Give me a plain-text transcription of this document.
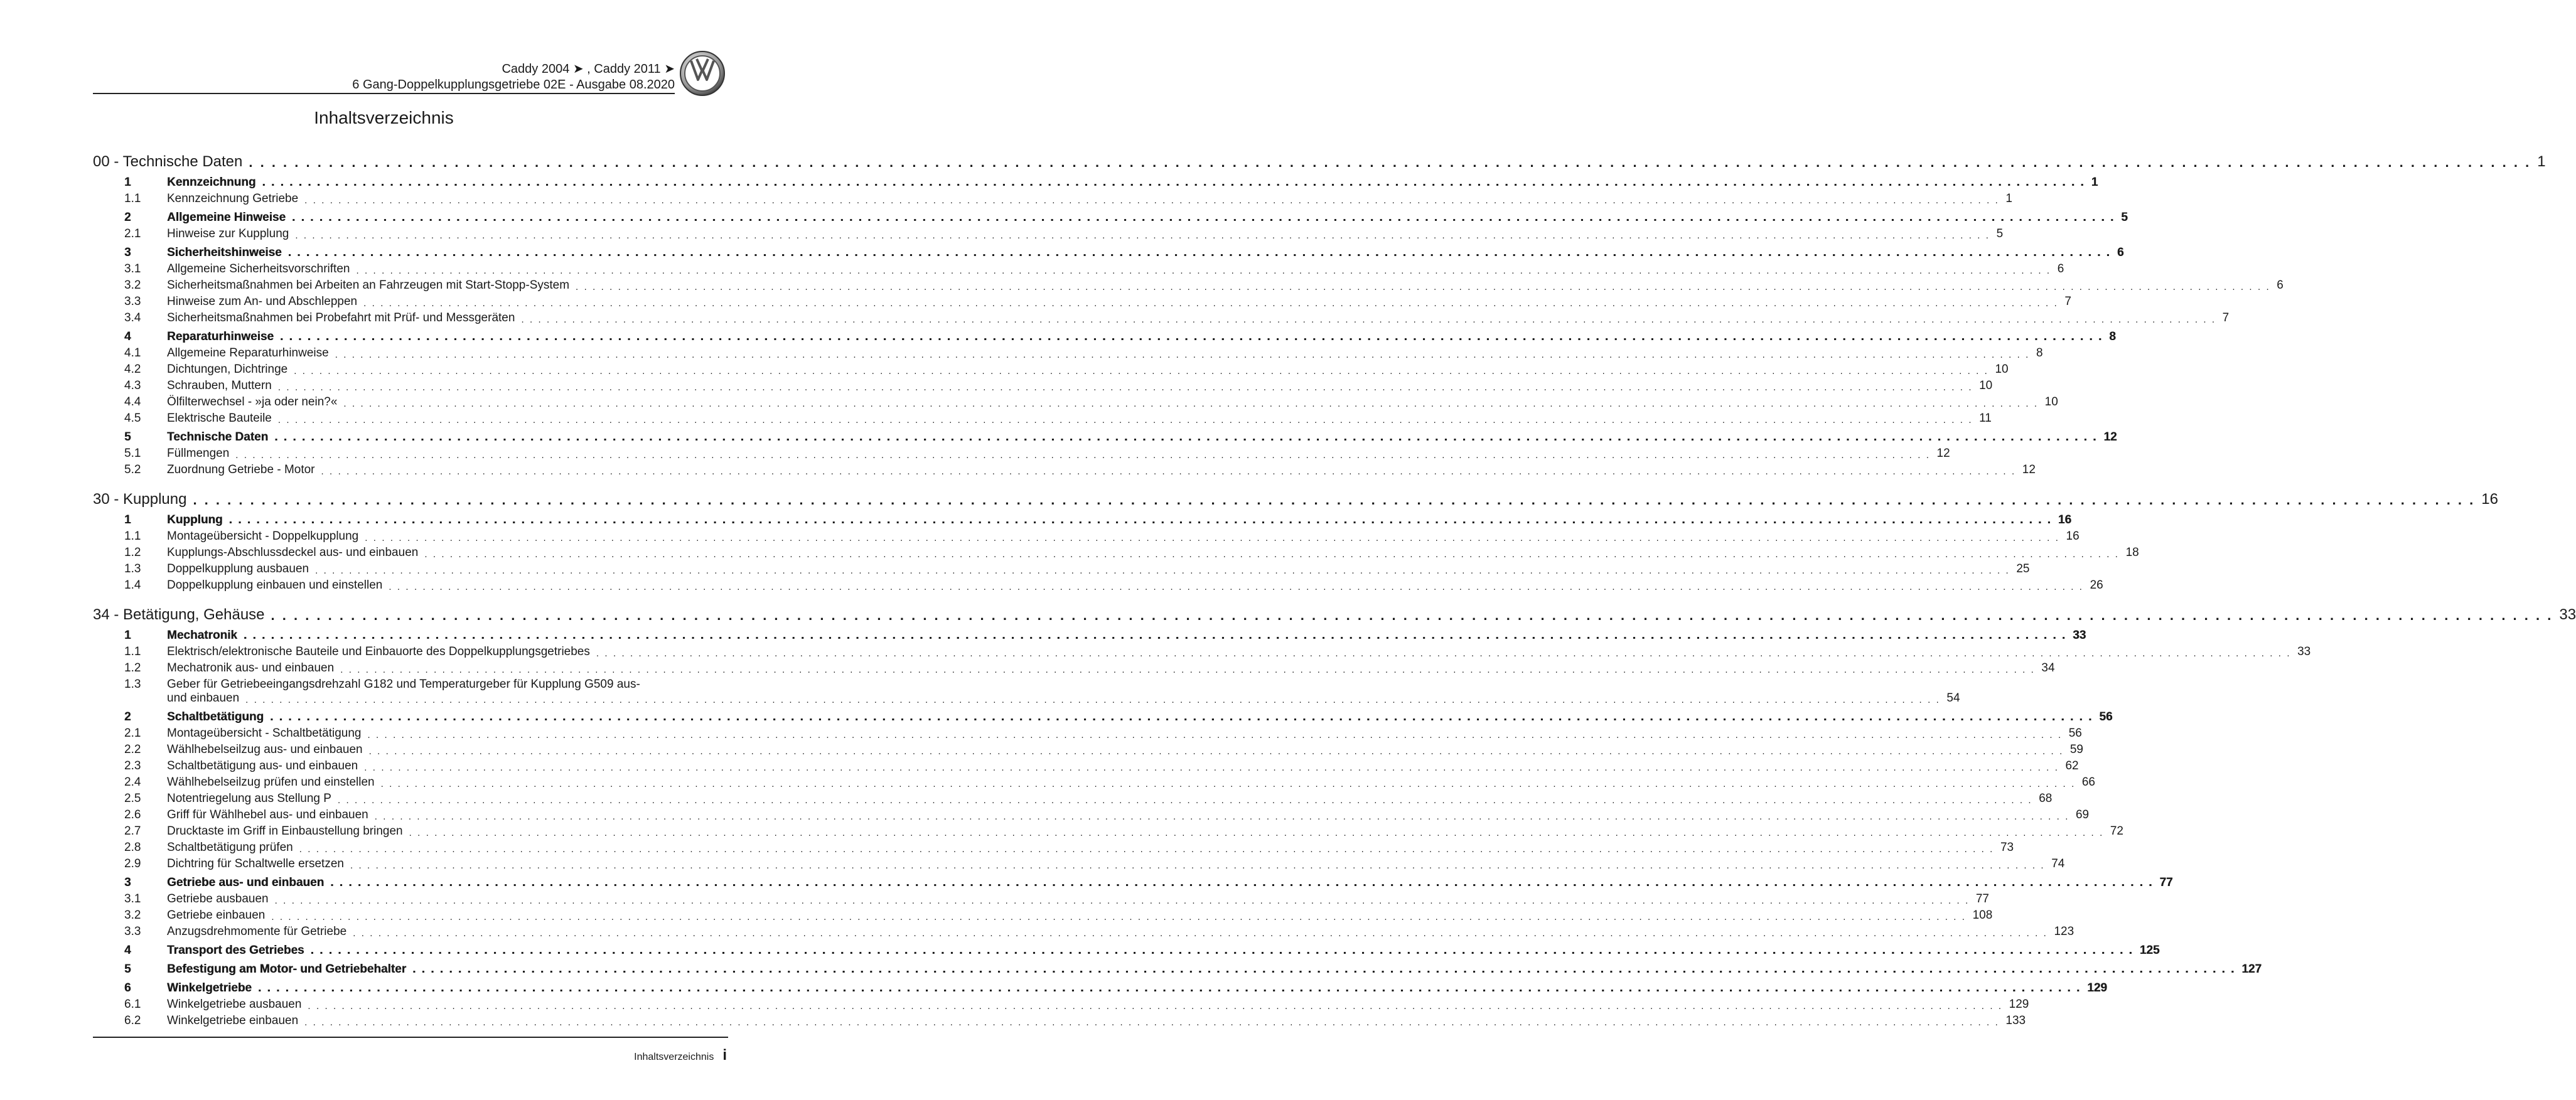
Caddy 2004 ➤ , Caddy 2011 ➤
6 Gang-Doppelkupplungsgetriebe 02E - Ausgabe 08.2020
Inhaltsverzeichnis
00 - Technische Daten . . . . . . . . . . . . . . . . . . . . . . . . . . . . . . . . . . . . . . . . . . . . . . . . . . . . . . . . . . . . . . . . . . . . . . . . . . . . . . . . . . . . . . . . . . . . . . . . . . . . . . . . . . . . . . . . . . . . . . . . . . . . . . . . . . . . . . . . . . . . . . . . . . . . . . . . . . . . . . . . . . . . . . . . . . . . . . . . . . . . . . . . . . . . . . . . . . . . . . . . 1
1	Kennzeichnung . . . . . . . . . . . . . . . . . . . . . . . . . . . . . . . . . . . . . . . . . . . . . . . . . . . . . . . . . . . . . . . . . . . . . . . . . . . . . . . . . . . . . . . . . . . . . . . . . . . . . . . . . . . . . . . . . . . . . . . . . . . . . . . . . . . . . . . . . . . . . . . . . . . . . . . . . . . . . . . . . . . . . . . . . . . . . . . . . . . . . . . . . . . . . . . . . . . . . . . . 1
1.1	Kennzeichnung Getriebe . . . . . . . . . . . . . . . . . . . . . . . . . . . . . . . . . . . . . . . . . . . . . . . . . . . . . . . . . . . . . . . . . . . . . . . . . . . . . . . . . . . . . . . . . . . . . . . . . . . . . . . . . . . . . . . . . . . . . . . . . . . . . . . . . . . . . . . . . . . . . . . . . . . . . . . . . . . . . . . . . . . . . . . . . . . . . . . . . . . . . . . . . . . . . . . . . . . . . . . . 1
2	Allgemeine Hinweise . . . . . . . . . . . . . . . . . . . . . . . . . . . . . . . . . . . . . . . . . . . . . . . . . . . . . . . . . . . . . . . . . . . . . . . . . . . . . . . . . . . . . . . . . . . . . . . . . . . . . . . . . . . . . . . . . . . . . . . . . . . . . . . . . . . . . . . . . . . . . . . . . . . . . . . . . . . . . . . . . . . . . . . . . . . . . . . . . . . . . . . . . . . . . . . . . . . . . . . . 5
2.1	Hinweise zur Kupplung . . . . . . . . . . . . . . . . . . . . . . . . . . . . . . . . . . . . . . . . . . . . . . . . . . . . . . . . . . . . . . . . . . . . . . . . . . . . . . . . . . . . . . . . . . . . . . . . . . . . . . . . . . . . . . . . . . . . . . . . . . . . . . . . . . . . . . . . . . . . . . . . . . . . . . . . . . . . . . . . . . . . . . . . . . . . . . . . . . . . . . . . . . . . . . . . . . . . . . . . 5
3	Sicherheitshinweise . . . . . . . . . . . . . . . . . . . . . . . . . . . . . . . . . . . . . . . . . . . . . . . . . . . . . . . . . . . . . . . . . . . . . . . . . . . . . . . . . . . . . . . . . . . . . . . . . . . . . . . . . . . . . . . . . . . . . . . . . . . . . . . . . . . . . . . . . . . . . . . . . . . . . . . . . . . . . . . . . . . . . . . . . . . . . . . . . . . . . . . . . . . . . . . . . . . . . . . . 6
3.1	Allgemeine Sicherheitsvorschriften . . . . . . . . . . . . . . . . . . . . . . . . . . . . . . . . . . . . . . . . . . . . . . . . . . . . . . . . . . . . . . . . . . . . . . . . . . . . . . . . . . . . . . . . . . . . . . . . . . . . . . . . . . . . . . . . . . . . . . . . . . . . . . . . . . . . . . . . . . . . . . . . . . . . . . . . . . . . . . . . . . . . . . . . . . . . . . . . . . . . . . . . . . . . . . . . . . . . . . . . 6
3.2	Sicherheitsmaßnahmen bei Arbeiten an Fahrzeugen mit Start-Stopp-System . . . . . . . . . . . . . . . . . . . . . . . . . . . . . . . . . . . . . . . . . . . . . . . . . . . . . . . . . . . . . . . . . . . . . . . . . . . . . . . . . . . . . . . . . . . . . . . . . . . . . . . . . . . . . . . . . . . . . . . . . . . . . . . . . . . . . . . . . . . . . . . . . . . . . . . . . . . . . . . . . . . . . . . . . . . . . . . . . . . . . . . . . . . . . . . . . . . . . . . . 6
3.3	Hinweise zum An- und Abschleppen . . . . . . . . . . . . . . . . . . . . . . . . . . . . . . . . . . . . . . . . . . . . . . . . . . . . . . . . . . . . . . . . . . . . . . . . . . . . . . . . . . . . . . . . . . . . . . . . . . . . . . . . . . . . . . . . . . . . . . . . . . . . . . . . . . . . . . . . . . . . . . . . . . . . . . . . . . . . . . . . . . . . . . . . . . . . . . . . . . . . . . . . . . . . . . . . . . . . . . . . 7
3.4	Sicherheitsmaßnahmen bei Probefahrt mit Prüf- und Messgeräten . . . . . . . . . . . . . . . . . . . . . . . . . . . . . . . . . . . . . . . . . . . . . . . . . . . . . . . . . . . . . . . . . . . . . . . . . . . . . . . . . . . . . . . . . . . . . . . . . . . . . . . . . . . . . . . . . . . . . . . . . . . . . . . . . . . . . . . . . . . . . . . . . . . . . . . . . . . . . . . . . . . . . . . . . . . . . . . . . . . . . . . . . . . . . . . . . . . . . . . . 7
4	Reparaturhinweise . . . . . . . . . . . . . . . . . . . . . . . . . . . . . . . . . . . . . . . . . . . . . . . . . . . . . . . . . . . . . . . . . . . . . . . . . . . . . . . . . . . . . . . . . . . . . . . . . . . . . . . . . . . . . . . . . . . . . . . . . . . . . . . . . . . . . . . . . . . . . . . . . . . . . . . . . . . . . . . . . . . . . . . . . . . . . . . . . . . . . . . . . . . . . . . . . . . . . . . . 8
4.1	Allgemeine Reparaturhinweise . . . . . . . . . . . . . . . . . . . . . . . . . . . . . . . . . . . . . . . . . . . . . . . . . . . . . . . . . . . . . . . . . . . . . . . . . . . . . . . . . . . . . . . . . . . . . . . . . . . . . . . . . . . . . . . . . . . . . . . . . . . . . . . . . . . . . . . . . . . . . . . . . . . . . . . . . . . . . . . . . . . . . . . . . . . . . . . . . . . . . . . . . . . . . . . . . . . . . . . . 8
4.2	Dichtungen, Dichtringe . . . . . . . . . . . . . . . . . . . . . . . . . . . . . . . . . . . . . . . . . . . . . . . . . . . . . . . . . . . . . . . . . . . . . . . . . . . . . . . . . . . . . . . . . . . . . . . . . . . . . . . . . . . . . . . . . . . . . . . . . . . . . . . . . . . . . . . . . . . . . . . . . . . . . . . . . . . . . . . . . . . . . . . . . . . . . . . . . . . . . . . . . . . . . . . . . . . . . . . . 10
4.3	Schrauben, Muttern . . . . . . . . . . . . . . . . . . . . . . . . . . . . . . . . . . . . . . . . . . . . . . . . . . . . . . . . . . . . . . . . . . . . . . . . . . . . . . . . . . . . . . . . . . . . . . . . . . . . . . . . . . . . . . . . . . . . . . . . . . . . . . . . . . . . . . . . . . . . . . . . . . . . . . . . . . . . . . . . . . . . . . . . . . . . . . . . . . . . . . . . . . . . . . . . . . . . . . . . 10
4.4	Ölfilterwechsel - »ja oder nein?« . . . . . . . . . . . . . . . . . . . . . . . . . . . . . . . . . . . . . . . . . . . . . . . . . . . . . . . . . . . . . . . . . . . . . . . . . . . . . . . . . . . . . . . . . . . . . . . . . . . . . . . . . . . . . . . . . . . . . . . . . . . . . . . . . . . . . . . . . . . . . . . . . . . . . . . . . . . . . . . . . . . . . . . . . . . . . . . . . . . . . . . . . . . . . . . . . . . . . . . . 10
4.5	Elektrische Bauteile . . . . . . . . . . . . . . . . . . . . . . . . . . . . . . . . . . . . . . . . . . . . . . . . . . . . . . . . . . . . . . . . . . . . . . . . . . . . . . . . . . . . . . . . . . . . . . . . . . . . . . . . . . . . . . . . . . . . . . . . . . . . . . . . . . . . . . . . . . . . . . . . . . . . . . . . . . . . . . . . . . . . . . . . . . . . . . . . . . . . . . . . . . . . . . . . . . . . . . . . 11
5	Technische Daten . . . . . . . . . . . . . . . . . . . . . . . . . . . . . . . . . . . . . . . . . . . . . . . . . . . . . . . . . . . . . . . . . . . . . . . . . . . . . . . . . . . . . . . . . . . . . . . . . . . . . . . . . . . . . . . . . . . . . . . . . . . . . . . . . . . . . . . . . . . . . . . . . . . . . . . . . . . . . . . . . . . . . . . . . . . . . . . . . . . . . . . . . . . . . . . . . . . . . . . . 12
5.1	Füllmengen . . . . . . . . . . . . . . . . . . . . . . . . . . . . . . . . . . . . . . . . . . . . . . . . . . . . . . . . . . . . . . . . . . . . . . . . . . . . . . . . . . . . . . . . . . . . . . . . . . . . . . . . . . . . . . . . . . . . . . . . . . . . . . . . . . . . . . . . . . . . . . . . . . . . . . . . . . . . . . . . . . . . . . . . . . . . . . . . . . . . . . . . . . . . . . . . . . . . . . . . 12
5.2	Zuordnung Getriebe - Motor . . . . . . . . . . . . . . . . . . . . . . . . . . . . . . . . . . . . . . . . . . . . . . . . . . . . . . . . . . . . . . . . . . . . . . . . . . . . . . . . . . . . . . . . . . . . . . . . . . . . . . . . . . . . . . . . . . . . . . . . . . . . . . . . . . . . . . . . . . . . . . . . . . . . . . . . . . . . . . . . . . . . . . . . . . . . . . . . . . . . . . . . . . . . . . . . . . . . . . . . 12
30 - Kupplung . . . . . . . . . . . . . . . . . . . . . . . . . . . . . . . . . . . . . . . . . . . . . . . . . . . . . . . . . . . . . . . . . . . . . . . . . . . . . . . . . . . . . . . . . . . . . . . . . . . . . . . . . . . . . . . . . . . . . . . . . . . . . . . . . . . . . . . . . . . . . . . . . . . . . . . . . . . . . . . . . . . . . . . . . . . . . . . . . . . . . . . . . . . . . . . . . . . . . . . . 16
1	Kupplung . . . . . . . . . . . . . . . . . . . . . . . . . . . . . . . . . . . . . . . . . . . . . . . . . . . . . . . . . . . . . . . . . . . . . . . . . . . . . . . . . . . . . . . . . . . . . . . . . . . . . . . . . . . . . . . . . . . . . . . . . . . . . . . . . . . . . . . . . . . . . . . . . . . . . . . . . . . . . . . . . . . . . . . . . . . . . . . . . . . . . . . . . . . . . . . . . . . . . . . . 16
1.1	Montageübersicht - Doppelkupplung . . . . . . . . . . . . . . . . . . . . . . . . . . . . . . . . . . . . . . . . . . . . . . . . . . . . . . . . . . . . . . . . . . . . . . . . . . . . . . . . . . . . . . . . . . . . . . . . . . . . . . . . . . . . . . . . . . . . . . . . . . . . . . . . . . . . . . . . . . . . . . . . . . . . . . . . . . . . . . . . . . . . . . . . . . . . . . . . . . . . . . . . . . . . . . . . . . . . . . . . 16
1.2	Kupplungs-Abschlussdeckel aus- und einbauen . . . . . . . . . . . . . . . . . . . . . . . . . . . . . . . . . . . . . . . . . . . . . . . . . . . . . . . . . . . . . . . . . . . . . . . . . . . . . . . . . . . . . . . . . . . . . . . . . . . . . . . . . . . . . . . . . . . . . . . . . . . . . . . . . . . . . . . . . . . . . . . . . . . . . . . . . . . . . . . . . . . . . . . . . . . . . . . . . . . . . . . . . . . . . . . . . . . . . . . . 18
1.3	Doppelkupplung ausbauen . . . . . . . . . . . . . . . . . . . . . . . . . . . . . . . . . . . . . . . . . . . . . . . . . . . . . . . . . . . . . . . . . . . . . . . . . . . . . . . . . . . . . . . . . . . . . . . . . . . . . . . . . . . . . . . . . . . . . . . . . . . . . . . . . . . . . . . . . . . . . . . . . . . . . . . . . . . . . . . . . . . . . . . . . . . . . . . . . . . . . . . . . . . . . . . . . . . . . . . . 25
1.4	Doppelkupplung einbauen und einstellen . . . . . . . . . . . . . . . . . . . . . . . . . . . . . . . . . . . . . . . . . . . . . . . . . . . . . . . . . . . . . . . . . . . . . . . . . . . . . . . . . . . . . . . . . . . . . . . . . . . . . . . . . . . . . . . . . . . . . . . . . . . . . . . . . . . . . . . . . . . . . . . . . . . . . . . . . . . . . . . . . . . . . . . . . . . . . . . . . . . . . . . . . . . . . . . . . . . . . . . . 26
34 - Betätigung, Gehäuse . . . . . . . . . . . . . . . . . . . . . . . . . . . . . . . . . . . . . . . . . . . . . . . . . . . . . . . . . . . . . . . . . . . . . . . . . . . . . . . . . . . . . . . . . . . . . . . . . . . . . . . . . . . . . . . . . . . . . . . . . . . . . . . . . . . . . . . . . . . . . . . . . . . . . . . . . . . . . . . . . . . . . . . . . . . . . . . . . . . . . . . . . . . . . . . . . . . . . . . . 33
1	Mechatronik . . . . . . . . . . . . . . . . . . . . . . . . . . . . . . . . . . . . . . . . . . . . . . . . . . . . . . . . . . . . . . . . . . . . . . . . . . . . . . . . . . . . . . . . . . . . . . . . . . . . . . . . . . . . . . . . . . . . . . . . . . . . . . . . . . . . . . . . . . . . . . . . . . . . . . . . . . . . . . . . . . . . . . . . . . . . . . . . . . . . . . . . . . . . . . . . . . . . . . . . 33
1.1	Elektrisch/elektronische Bauteile und Einbauorte des Doppelkupplungsgetriebes . . . . . . . . . . . . . . . . . . . . . . . . . . . . . . . . . . . . . . . . . . . . . . . . . . . . . . . . . . . . . . . . . . . . . . . . . . . . . . . . . . . . . . . . . . . . . . . . . . . . . . . . . . . . . . . . . . . . . . . . . . . . . . . . . . . . . . . . . . . . . . . . . . . . . . . . . . . . . . . . . . . . . . . . . . . . . . . . . . . . . . . . . . . . . . . . . . . . . . . . 33
1.2	Mechatronik aus- und einbauen . . . . . . . . . . . . . . . . . . . . . . . . . . . . . . . . . . . . . . . . . . . . . . . . . . . . . . . . . . . . . . . . . . . . . . . . . . . . . . . . . . . . . . . . . . . . . . . . . . . . . . . . . . . . . . . . . . . . . . . . . . . . . . . . . . . . . . . . . . . . . . . . . . . . . . . . . . . . . . . . . . . . . . . . . . . . . . . . . . . . . . . . . . . . . . . . . . . . . . . . 34
1.3	Geber für Getriebeeingangsdrehzahl G182 und Temperaturgeber für Kupplung G509 aus-
und einbauen . . . . . . . . . . . . . . . . . . . . . . . . . . . . . . . . . . . . . . . . . . . . . . . . . . . . . . . . . . . . . . . . . . . . . . . . . . . . . . . . . . . . . . . . . . . . . . . . . . . . . . . . . . . . . . . . . . . . . . . . . . . . . . . . . . . . . . . . . . . . . . . . . . . . . . . . . . . . . . . . . . . . . . . . . . . . . . . . . . . . . . . . . . . . . . . . . . . . . . . . 54
2	Schaltbetätigung . . . . . . . . . . . . . . . . . . . . . . . . . . . . . . . . . . . . . . . . . . . . . . . . . . . . . . . . . . . . . . . . . . . . . . . . . . . . . . . . . . . . . . . . . . . . . . . . . . . . . . . . . . . . . . . . . . . . . . . . . . . . . . . . . . . . . . . . . . . . . . . . . . . . . . . . . . . . . . . . . . . . . . . . . . . . . . . . . . . . . . . . . . . . . . . . . . . . . . . . 56
2.1	Montageübersicht - Schaltbetätigung . . . . . . . . . . . . . . . . . . . . . . . . . . . . . . . . . . . . . . . . . . . . . . . . . . . . . . . . . . . . . . . . . . . . . . . . . . . . . . . . . . . . . . . . . . . . . . . . . . . . . . . . . . . . . . . . . . . . . . . . . . . . . . . . . . . . . . . . . . . . . . . . . . . . . . . . . . . . . . . . . . . . . . . . . . . . . . . . . . . . . . . . . . . . . . . . . . . . . . . . 56
2.2	Wählhebelseilzug aus- und einbauen . . . . . . . . . . . . . . . . . . . . . . . . . . . . . . . . . . . . . . . . . . . . . . . . . . . . . . . . . . . . . . . . . . . . . . . . . . . . . . . . . . . . . . . . . . . . . . . . . . . . . . . . . . . . . . . . . . . . . . . . . . . . . . . . . . . . . . . . . . . . . . . . . . . . . . . . . . . . . . . . . . . . . . . . . . . . . . . . . . . . . . . . . . . . . . . . . . . . . . . . 59
2.3	Schaltbetätigung aus- und einbauen . . . . . . . . . . . . . . . . . . . . . . . . . . . . . . . . . . . . . . . . . . . . . . . . . . . . . . . . . . . . . . . . . . . . . . . . . . . . . . . . . . . . . . . . . . . . . . . . . . . . . . . . . . . . . . . . . . . . . . . . . . . . . . . . . . . . . . . . . . . . . . . . . . . . . . . . . . . . . . . . . . . . . . . . . . . . . . . . . . . . . . . . . . . . . . . . . . . . . . . . 62
2.4	Wählhebelseilzug prüfen und einstellen . . . . . . . . . . . . . . . . . . . . . . . . . . . . . . . . . . . . . . . . . . . . . . . . . . . . . . . . . . . . . . . . . . . . . . . . . . . . . . . . . . . . . . . . . . . . . . . . . . . . . . . . . . . . . . . . . . . . . . . . . . . . . . . . . . . . . . . . . . . . . . . . . . . . . . . . . . . . . . . . . . . . . . . . . . . . . . . . . . . . . . . . . . . . . . . . . . . . . . . . 66
2.5	Notentriegelung aus Stellung P . . . . . . . . . . . . . . . . . . . . . . . . . . . . . . . . . . . . . . . . . . . . . . . . . . . . . . . . . . . . . . . . . . . . . . . . . . . . . . . . . . . . . . . . . . . . . . . . . . . . . . . . . . . . . . . . . . . . . . . . . . . . . . . . . . . . . . . . . . . . . . . . . . . . . . . . . . . . . . . . . . . . . . . . . . . . . . . . . . . . . . . . . . . . . . . . . . . . . . . . 68
2.6	Griff für Wählhebel aus- und einbauen . . . . . . . . . . . . . . . . . . . . . . . . . . . . . . . . . . . . . . . . . . . . . . . . . . . . . . . . . . . . . . . . . . . . . . . . . . . . . . . . . . . . . . . . . . . . . . . . . . . . . . . . . . . . . . . . . . . . . . . . . . . . . . . . . . . . . . . . . . . . . . . . . . . . . . . . . . . . . . . . . . . . . . . . . . . . . . . . . . . . . . . . . . . . . . . . . . . . . . . . 69
2.7	Drucktaste im Griff in Einbaustellung bringen . . . . . . . . . . . . . . . . . . . . . . . . . . . . . . . . . . . . . . . . . . . . . . . . . . . . . . . . . . . . . . . . . . . . . . . . . . . . . . . . . . . . . . . . . . . . . . . . . . . . . . . . . . . . . . . . . . . . . . . . . . . . . . . . . . . . . . . . . . . . . . . . . . . . . . . . . . . . . . . . . . . . . . . . . . . . . . . . . . . . . . . . . . . . . . . . . . . . . . . . 72
2.8	Schaltbetätigung prüfen . . . . . . . . . . . . . . . . . . . . . . . . . . . . . . . . . . . . . . . . . . . . . . . . . . . . . . . . . . . . . . . . . . . . . . . . . . . . . . . . . . . . . . . . . . . . . . . . . . . . . . . . . . . . . . . . . . . . . . . . . . . . . . . . . . . . . . . . . . . . . . . . . . . . . . . . . . . . . . . . . . . . . . . . . . . . . . . . . . . . . . . . . . . . . . . . . . . . . . . . 73
2.9	Dichtring für Schaltwelle ersetzen . . . . . . . . . . . . . . . . . . . . . . . . . . . . . . . . . . . . . . . . . . . . . . . . . . . . . . . . . . . . . . . . . . . . . . . . . . . . . . . . . . . . . . . . . . . . . . . . . . . . . . . . . . . . . . . . . . . . . . . . . . . . . . . . . . . . . . . . . . . . . . . . . . . . . . . . . . . . . . . . . . . . . . . . . . . . . . . . . . . . . . . . . . . . . . . . . . . . . . . . 74
3	Getriebe aus- und einbauen . . . . . . . . . . . . . . . . . . . . . . . . . . . . . . . . . . . . . . . . . . . . . . . . . . . . . . . . . . . . . . . . . . . . . . . . . . . . . . . . . . . . . . . . . . . . . . . . . . . . . . . . . . . . . . . . . . . . . . . . . . . . . . . . . . . . . . . . . . . . . . . . . . . . . . . . . . . . . . . . . . . . . . . . . . . . . . . . . . . . . . . . . . . . . . . . . . . . . . . . 77
3.1	Getriebe ausbauen . . . . . . . . . . . . . . . . . . . . . . . . . . . . . . . . . . . . . . . . . . . . . . . . . . . . . . . . . . . . . . . . . . . . . . . . . . . . . . . . . . . . . . . . . . . . . . . . . . . . . . . . . . . . . . . . . . . . . . . . . . . . . . . . . . . . . . . . . . . . . . . . . . . . . . . . . . . . . . . . . . . . . . . . . . . . . . . . . . . . . . . . . . . . . . . . . . . . . . . . 77
3.2	Getriebe einbauen . . . . . . . . . . . . . . . . . . . . . . . . . . . . . . . . . . . . . . . . . . . . . . . . . . . . . . . . . . . . . . . . . . . . . . . . . . . . . . . . . . . . . . . . . . . . . . . . . . . . . . . . . . . . . . . . . . . . . . . . . . . . . . . . . . . . . . . . . . . . . . . . . . . . . . . . . . . . . . . . . . . . . . . . . . . . . . . . . . . . . . . . . . . . . . . . . . . . . . . . 108
3.3	Anzugsdrehmomente für Getriebe . . . . . . . . . . . . . . . . . . . . . . . . . . . . . . . . . . . . . . . . . . . . . . . . . . . . . . . . . . . . . . . . . . . . . . . . . . . . . . . . . . . . . . . . . . . . . . . . . . . . . . . . . . . . . . . . . . . . . . . . . . . . . . . . . . . . . . . . . . . . . . . . . . . . . . . . . . . . . . . . . . . . . . . . . . . . . . . . . . . . . . . . . . . . . . . . . . . . . . . . 123
4	Transport des Getriebes . . . . . . . . . . . . . . . . . . . . . . . . . . . . . . . . . . . . . . . . . . . . . . . . . . . . . . . . . . . . . . . . . . . . . . . . . . . . . . . . . . . . . . . . . . . . . . . . . . . . . . . . . . . . . . . . . . . . . . . . . . . . . . . . . . . . . . . . . . . . . . . . . . . . . . . . . . . . . . . . . . . . . . . . . . . . . . . . . . . . . . . . . . . . . . . . . . . . . . . . 125
5	Befestigung am Motor- und Getriebehalter . . . . . . . . . . . . . . . . . . . . . . . . . . . . . . . . . . . . . . . . . . . . . . . . . . . . . . . . . . . . . . . . . . . . . . . . . . . . . . . . . . . . . . . . . . . . . . . . . . . . . . . . . . . . . . . . . . . . . . . . . . . . . . . . . . . . . . . . . . . . . . . . . . . . . . . . . . . . . . . . . . . . . . . . . . . . . . . . . . . . . . . . . . . . . . . . . . . . . . . . 127
6	Winkelgetriebe . . . . . . . . . . . . . . . . . . . . . . . . . . . . . . . . . . . . . . . . . . . . . . . . . . . . . . . . . . . . . . . . . . . . . . . . . . . . . . . . . . . . . . . . . . . . . . . . . . . . . . . . . . . . . . . . . . . . . . . . . . . . . . . . . . . . . . . . . . . . . . . . . . . . . . . . . . . . . . . . . . . . . . . . . . . . . . . . . . . . . . . . . . . . . . . . . . . . . . . . 129
6.1	Winkelgetriebe ausbauen . . . . . . . . . . . . . . . . . . . . . . . . . . . . . . . . . . . . . . . . . . . . . . . . . . . . . . . . . . . . . . . . . . . . . . . . . . . . . . . . . . . . . . . . . . . . . . . . . . . . . . . . . . . . . . . . . . . . . . . . . . . . . . . . . . . . . . . . . . . . . . . . . . . . . . . . . . . . . . . . . . . . . . . . . . . . . . . . . . . . . . . . . . . . . . . . . . . . . . . . 129
6.2	Winkelgetriebe einbauen . . . . . . . . . . . . . . . . . . . . . . . . . . . . . . . . . . . . . . . . . . . . . . . . . . . . . . . . . . . . . . . . . . . . . . . . . . . . . . . . . . . . . . . . . . . . . . . . . . . . . . . . . . . . . . . . . . . . . . . . . . . . . . . . . . . . . . . . . . . . . . . . . . . . . . . . . . . . . . . . . . . . . . . . . . . . . . . . . . . . . . . . . . . . . . . . . . . . . . . . 133
Inhaltsverzeichnis i
